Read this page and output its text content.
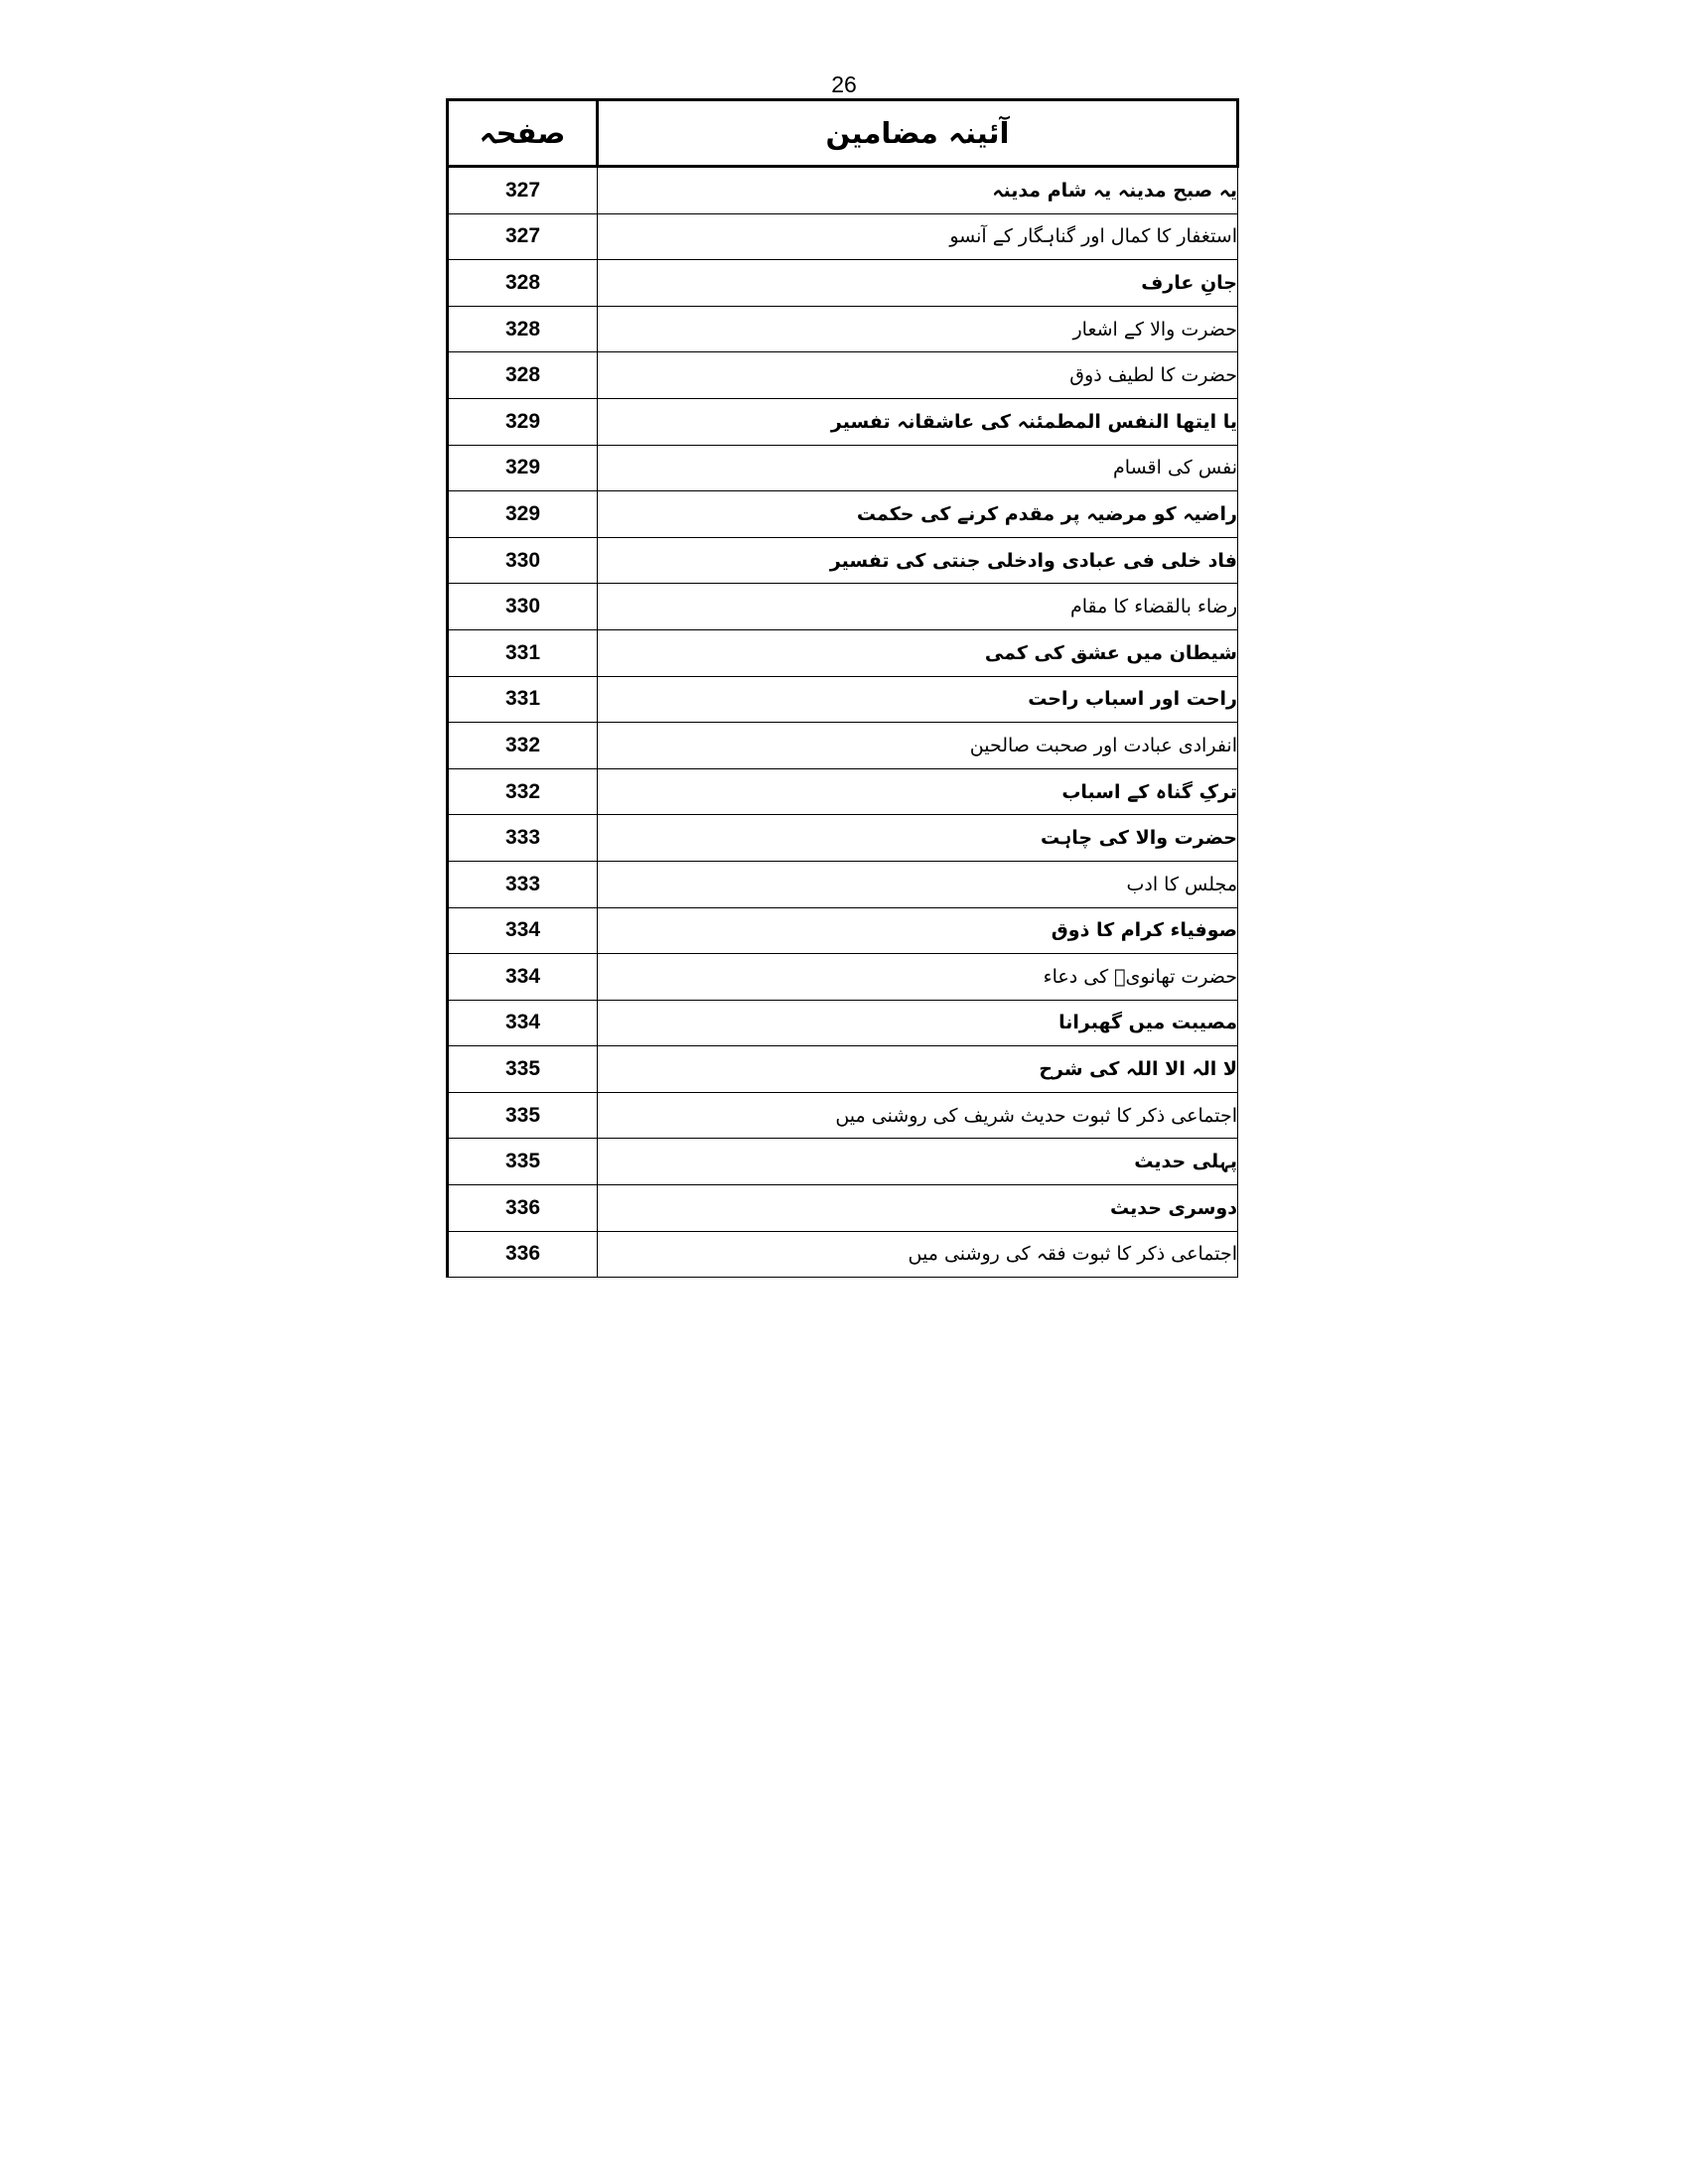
26
صفحہ	آئینہ مضامین
327	یہ صبح مدینہ یہ شام مدینہ
327	استغفار کا کمال اور گناہگار کے آنسو
328	جانِ عارف
328	حضرت والا کے اشعار
328	حضرت کا لطیف ذوق
329	یا ایتھا النفس المطمئنہ کی عاشقانہ تفسیر
329	نفس کی اقسام
329	راضیہ کو مرضیہ پر مقدم کرنے کی حکمت
330	فاد خلی فی عبادی وادخلی جنتی کی تفسیر
330	رضاء بالقضاء کا مقام
331	شیطان میں عشق کی کمی
331	راحت اور اسباب راحت
332	انفرادی عبادت اور صحبت صالحین
332	ترکِ گناہ کے اسباب
333	حضرت والا کی چاہت
333	مجلس کا ادب
334	صوفیاء کرام کا ذوق
334	حضرت تھانویؒ کی دعاء
334	مصیبت میں گھبرانا
335	لا الہ الا اللہ کی شرح
335	اجتماعی ذکر کا ثبوت حدیث شریف کی روشنی میں
335	پہلی حدیث
336	دوسری حدیث
336	اجتماعی ذکر کا ثبوت فقہ کی روشنی میں
